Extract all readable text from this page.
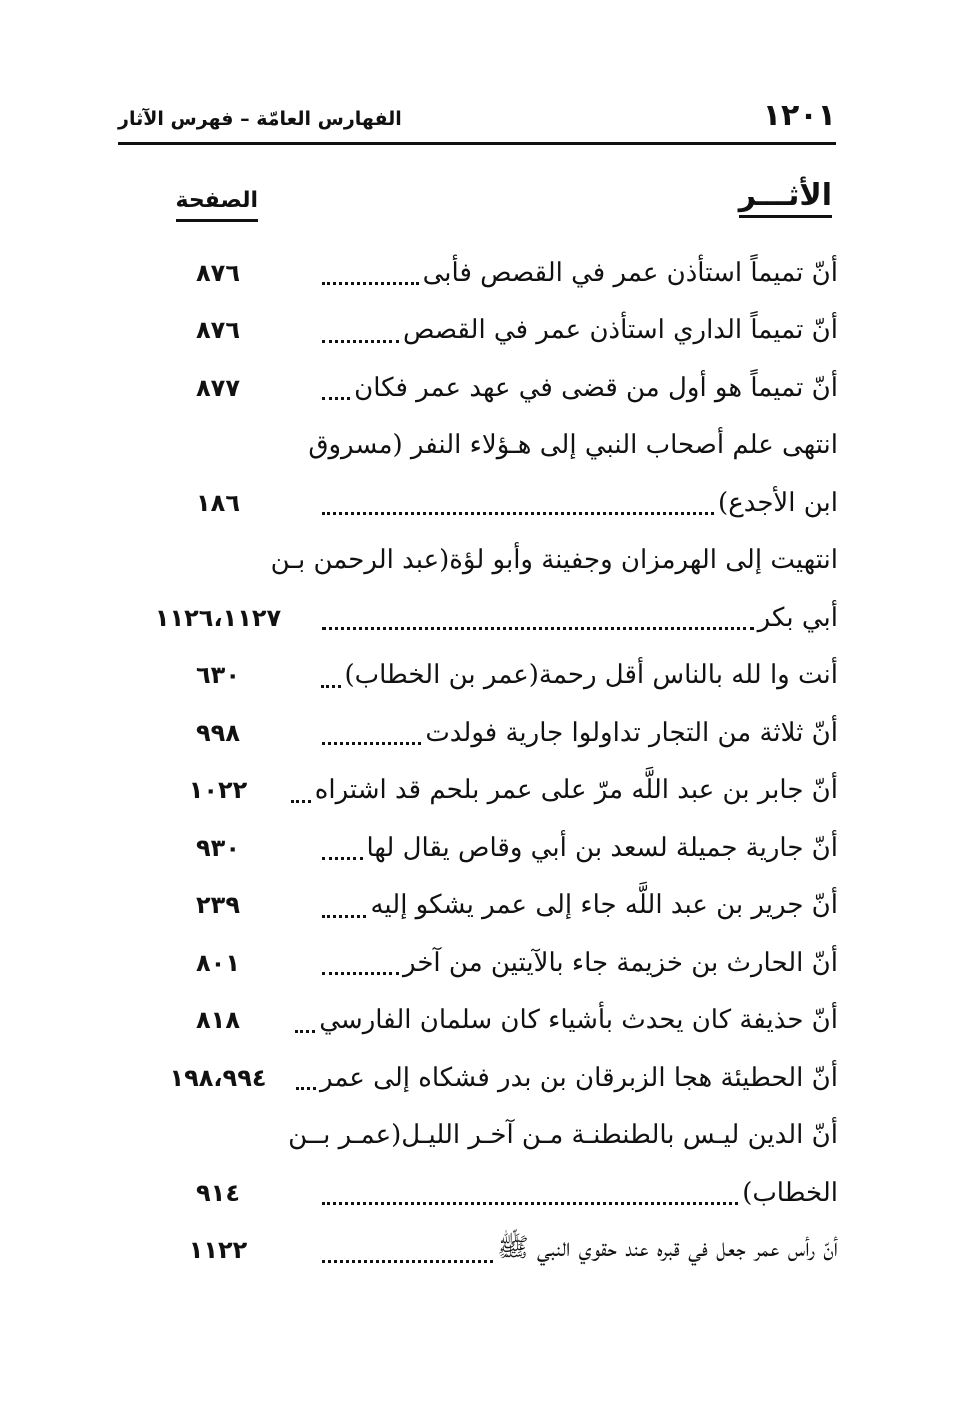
١٢٠١
الفهارس العامّة – فهرس الآثار
الأثـــر
الصفحة
أنّ تميماً استأذن عمر في القصص فأبى
٨٧٦
أنّ تميماً الداري استأذن عمر في القصص
٨٧٦
أنّ تميماً هو أول من قضى في عهد عمر فكان
٨٧٧
انتهى علم أصحاب النبي إلى هـؤلاء النفر (مسروق
ابن الأجدع)
١٨٦
انتهيت إلى الهرمزان وجفينة وأبو لؤة(عبد الرحمن بـن
أبي بكر
١١٢٦،١١٢٧
أنت وا لله بالناس أقل رحمة(عمر بن الخطاب)
٦٣٠
أنّ ثلاثة من التجار تداولوا جارية فولدت
٩٩٨
أنّ جابر بن عبد اللَّه مرّ على عمر بلحم قد اشتراه
١٠٢٢
أنّ جارية جميلة لسعد بن أبي وقاص يقال لها
٩٣٠
أنّ جرير بن عبد اللَّه جاء إلى عمر يشكو إليه
٢٣٩
أنّ الحارث بن خزيمة جاء بالآيتين من آخر
٨٠١
أنّ حذيفة كان يحدث بأشياء كان سلمان الفارسي
٨١٨
أنّ الحطيئة هجا الزبرقان بن بدر فشكاه إلى عمر
١٩٨،٩٩٤
أنّ الدين ليـس بالطنطنـة مـن آخـر الليـل(عمـر بــن
الخطاب)
٩١٤
أنّ رأس عمر جعل في قبره عند حقوي النبي ﷺ
١١٢٢
